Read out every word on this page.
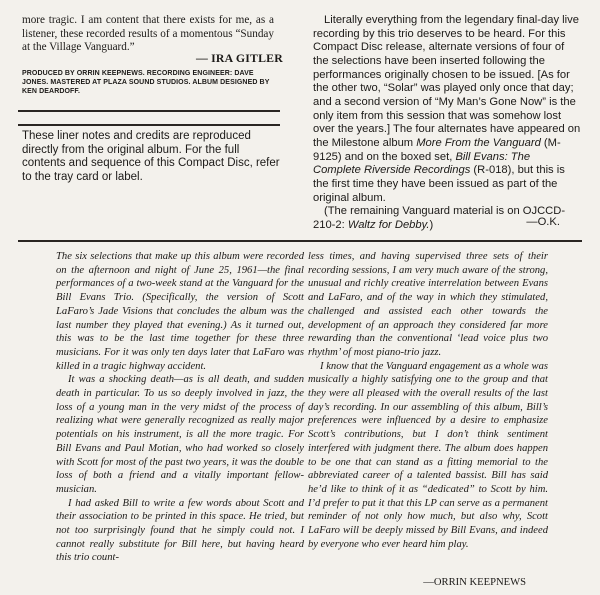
more tragic. I am content that there exists for me, as a listener, these recorded results of a momentous “Sunday at the Village Vanguard.”
— IRA GITLER
PRODUCED BY ORRIN KEEPNEWS. RECORDING ENGINEER: DAVE JONES. MASTERED AT PLAZA SOUND STUDIOS. ALBUM DESIGNED BY KEN DEARDOFF.
These liner notes and credits are reproduced directly from the original album. For the full contents and sequence of this Compact Disc, refer to the tray card or label.

Literally everything from the legendary final-day live recording by this trio deserves to be heard. For this Compact Disc release, alternate versions of four of the selections have been inserted following the performances originally chosen to be issued. [As for the other two, “Solar” was played only once that day; and a second version of “My Man’s Gone Now” is the only item from this session that was somehow lost over the years.] The four alternates have appeared on the Milestone album More From the Vanguard (M-9125) and on the boxed set, Bill Evans: The Complete Riverside Recordings (R-018), but this is the first time they have been issued as part of the original album.

(The remaining Vanguard material is on OJCCD-210-2: Waltz for Debby.)	—O.K.

The six selections that make up this album were recorded on the afternoon and night of June 25, 1961—the final performances of a two-week stand at the Vanguard for the Bill Evans Trio. (Specifically, the version of Scott LaFaro’s Jade Visions that concludes the album was the last number they played that evening.) As it turned out, this was to be the last time together for these three musicians. For it was only ten days later that LaFaro was killed in a tragic highway accident.

It was a shocking death—as is all death, and sudden death in particular. To us so deeply involved in jazz, the loss of a young man in the very midst of the process of realizing what were generally recognized as really major potentials on his instrument, is all the more tragic. For Bill Evans and Paul Motian, who had worked so closely with Scott for most of the past two years, it was the double loss of both a friend and a vitally important fellow-musician.

I had asked Bill to write a few words about Scott and their association to be printed in this space. He tried, but not too surprisingly found that he simply could not. I cannot really substitute for Bill here, but having heard this trio count-

less times, and having supervised three sets of their recording sessions, I am very much aware of the strong, unusual and richly creative interrelation between Evans and LaFaro, and of the way in which they stimulated, challenged and assisted each other towards the development of an approach they considered far more rewarding than the conventional ‘lead voice plus two rhythm’ of most piano-trio jazz.

I know that the Vanguard engagement as a whole was musically a highly satisfying one to the group and that they were all pleased with the overall results of the last day’s recording. In our assembling of this album, Bill’s preferences were influenced by a desire to emphasize Scott’s contributions, but I don’t think sentiment interfered with judgment there. The album does happen to be one that can stand as a fitting memorial to the abbreviated career of a talented bassist. Bill has said he’d like to think of it as “dedicated” to Scott by him. I’d prefer to put it that this LP can serve as a permanent reminder of not only how much, but also why, Scott LaFaro will be deeply missed by Bill Evans, and indeed by everyone who ever heard him play.

—ORRIN KEEPNEWS
